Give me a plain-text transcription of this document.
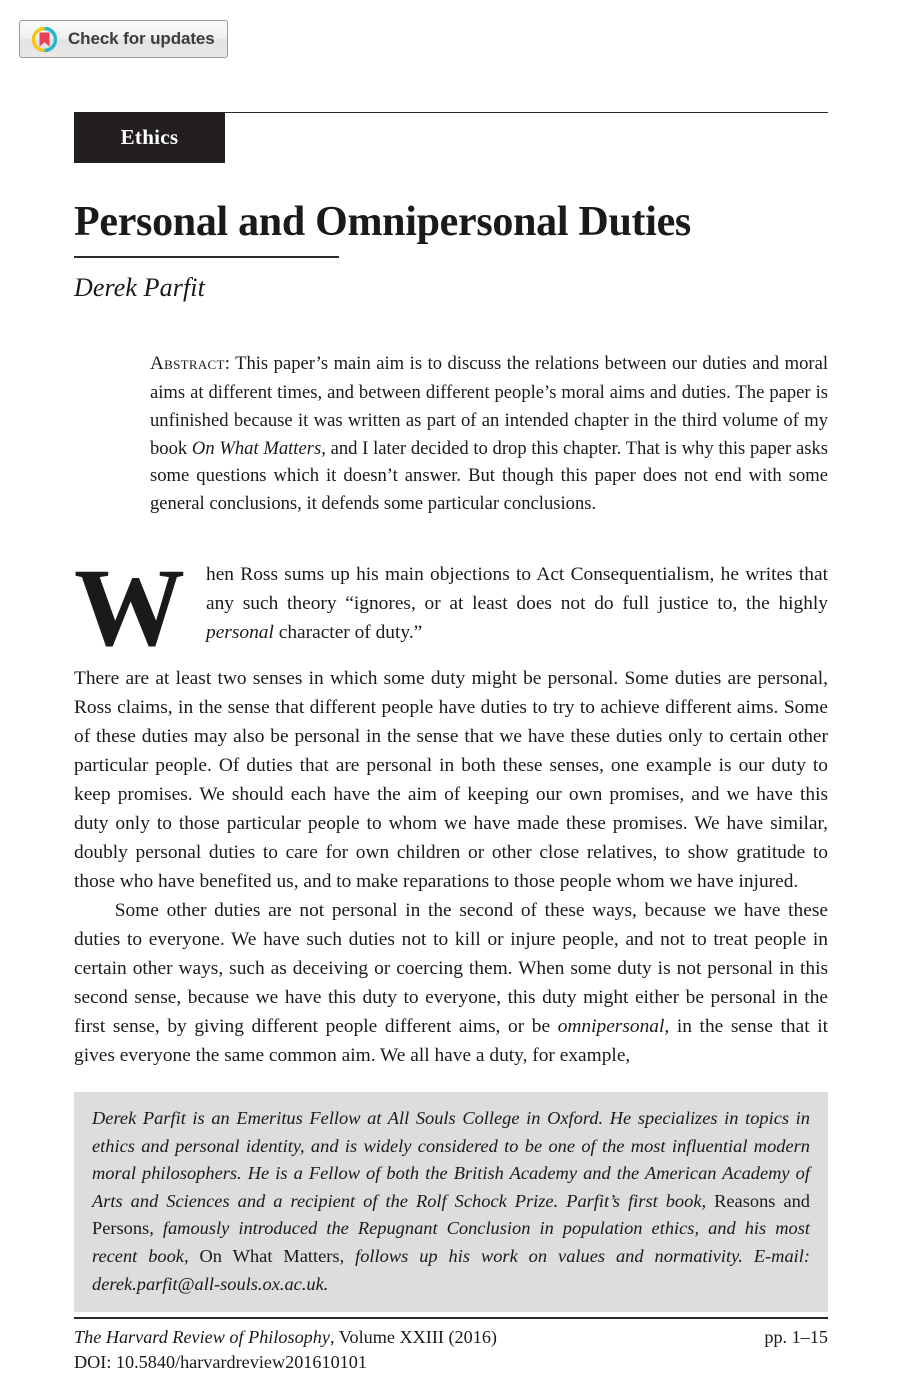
Check for updates
Ethics
Personal and Omnipersonal Duties
Derek Parfit
Abstract: This paper’s main aim is to discuss the relations between our duties and moral aims at different times, and between different people’s moral aims and duties. The paper is unfinished because it was written as part of an intended chapter in the third volume of my book On What Matters, and I later decided to drop this chapter. That is why this paper asks some questions which it doesn’t answer. But though this paper does not end with some general conclusions, it defends some particular conclusions.
W hen Ross sums up his main objections to Act Consequentialism, he writes that any such theory “ignores, or at least does not do full justice to, the highly personal character of duty.”

There are at least two senses in which some duty might be personal. Some duties are personal, Ross claims, in the sense that different people have duties to try to achieve different aims. Some of these duties may also be personal in the sense that we have these duties only to certain other particular people. Of duties that are personal in both these senses, one example is our duty to keep promises. We should each have the aim of keeping our own promises, and we have this duty only to those particular people to whom we have made these promises. We have similar, doubly personal duties to care for own children or other close relatives, to show gratitude to those who have benefited us, and to make reparations to those people whom we have injured.

Some other duties are not personal in the second of these ways, because we have these duties to everyone. We have such duties not to kill or injure people, and not to treat people in certain other ways, such as deceiving or coercing them. When some duty is not personal in this second sense, because we have this duty to everyone, this duty might either be personal in the first sense, by giving different people different aims, or be omnipersonal, in the sense that it gives everyone the same common aim. We all have a duty, for example,

Derek Parfit is an Emeritus Fellow at All Souls College in Oxford. He specializes in topics in ethics and personal identity, and is widely considered to be one of the most influential modern moral philosophers. He is a Fellow of both the British Academy and the American Academy of Arts and Sciences and a recipient of the Rolf Schock Prize. Parfit’s first book, Reasons and Persons, famously introduced the Repugnant Conclusion in population ethics, and his most recent book, On What Matters, follows up his work on values and normativity. E-mail: derek.parfit@all-souls.ox.ac.uk.
The Harvard Review of Philosophy, Volume XXIII (2016)	pp. 1–15
DOI: 10.5840/harvardreview201610101
